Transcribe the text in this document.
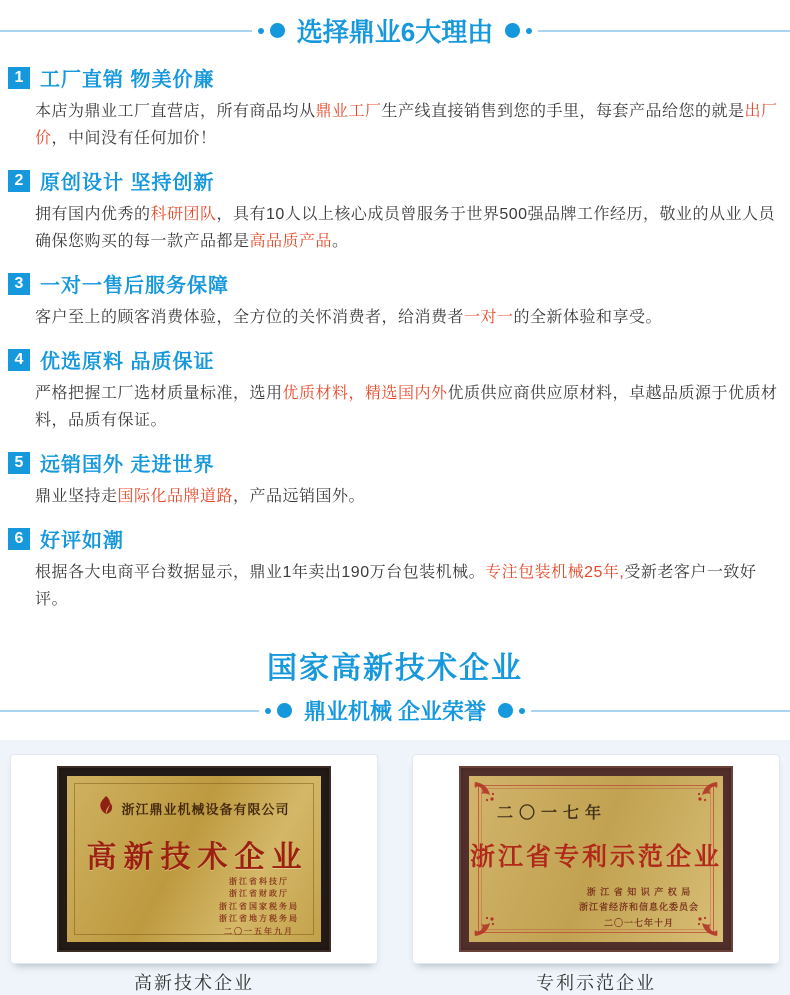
选择鼎业6大理由
1 工厂直销 物美价廉

本店为鼎业工厂直营店，所有商品均从鼎业工厂生产线直接销售到您的手里，每套产品给您的就是出厂价，中间没有任何加价！

2 原创设计 坚持创新

拥有国内优秀的科研团队，具有10人以上核心成员曾服务于世界500强品牌工作经历，敬业的从业人员确保您购买的每一款产品都是高品质产品。

3 一对一售后服务保障

客户至上的顾客消费体验，全方位的关怀消费者，给消费者一对一的全新体验和享受。

4 优选原料 品质保证

严格把握工厂选材质量标准，选用优质材料，精选国内外优质供应商供应原材料，卓越品质源于优质材料，品质有保证。

5 远销国外 走进世界

鼎业坚持走国际化品牌道路，产品远销国外。

6 好评如潮

根据各大电商平台数据显示，鼎业1年卖出190万台包装机械。专注包装机械25年,受新老客户一致好评。

国家高新技术企业
鼎业机械 企业荣誉
浙江鼎业机械设备有限公司
高新技术企业
浙江省科技厅
浙江省财政厅
浙江省国家税务局
浙江省地方税务局
二〇一五年九月
高新技术企业
二〇一七年
浙江省专利示范企业
浙 江 省 知 识 产 权 局
浙江省经济和信息化委员会
二〇一七年十月
专利示范企业
